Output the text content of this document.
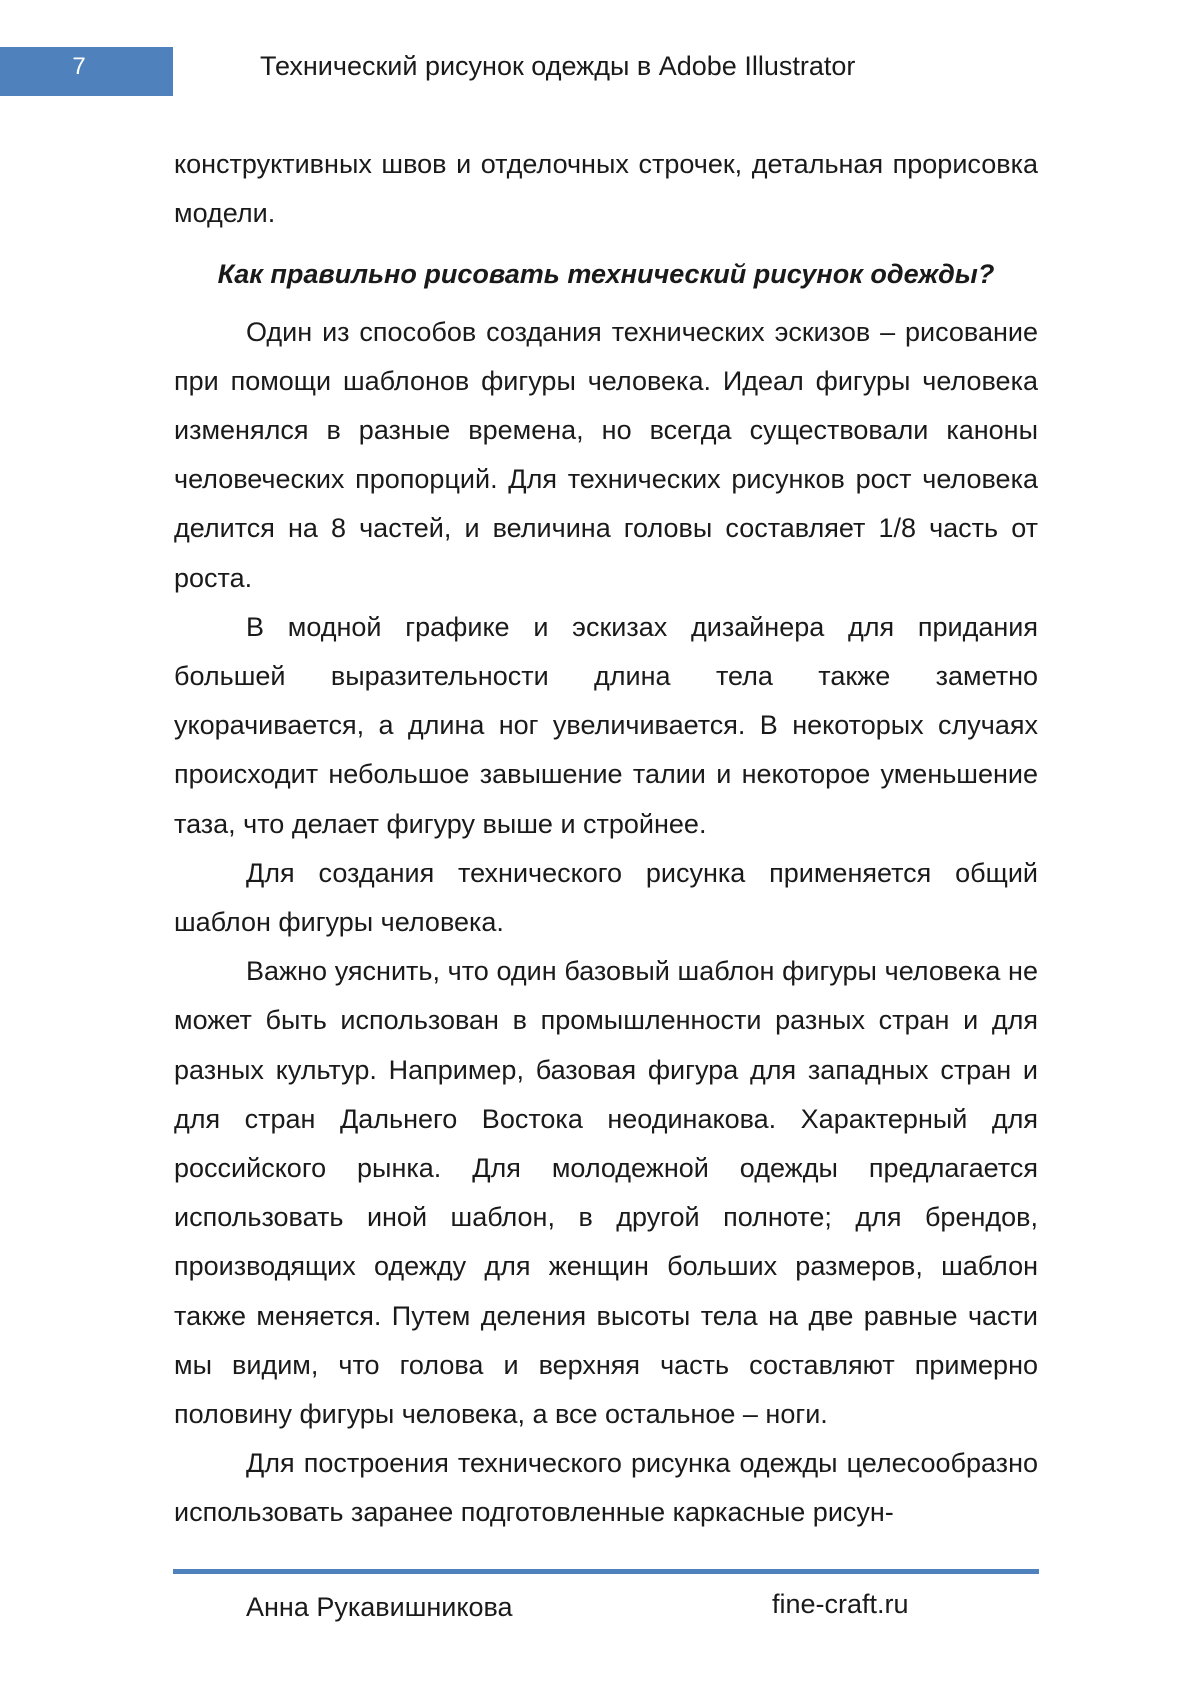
7	Технический рисунок одежды в Adobe Illustrator

конструктивных швов и отделочных строчек, детальная прорисовка модели.

Как правильно рисовать технический рисунок одежды?

Один из способов создания технических эскизов – рисование при помощи шаблонов фигуры человека. Идеал фигуры человека изменялся в разные времена, но всегда существовали каноны человеческих пропорций. Для технических рисунков рост человека делится на 8 частей, и величина головы составляет 1/8 часть от роста.

В модной графике и эскизах дизайнера для придания большей выразительности длина тела также заметно укорачивается, а длина ног увеличивается. В некоторых случаях происходит небольшое завышение талии и некоторое уменьшение таза, что делает фигуру выше и стройнее.

Для создания технического рисунка применяется общий шаблон фигуры человека.

Важно уяснить, что один базовый шаблон фигуры человека не может быть использован в промышленности разных стран и для разных культур. Например, базовая фигура для западных стран и для стран Дальнего Востока неодинакова. Характерный для российского рынка. Для молодежной одежды предлагается использовать иной шаблон, в другой полноте; для брендов, производящих одежду для женщин больших размеров, шаблон также меняется. Путем деления высоты тела на две равные части мы видим, что голова и верхняя часть составляют примерно половину фигуры человека, а все остальное – ноги.

Для построения технического рисунка одежды целесообразно использовать заранее подготовленные каркасные рисун-

Анна Рукавишникова	fine-craft.ru
